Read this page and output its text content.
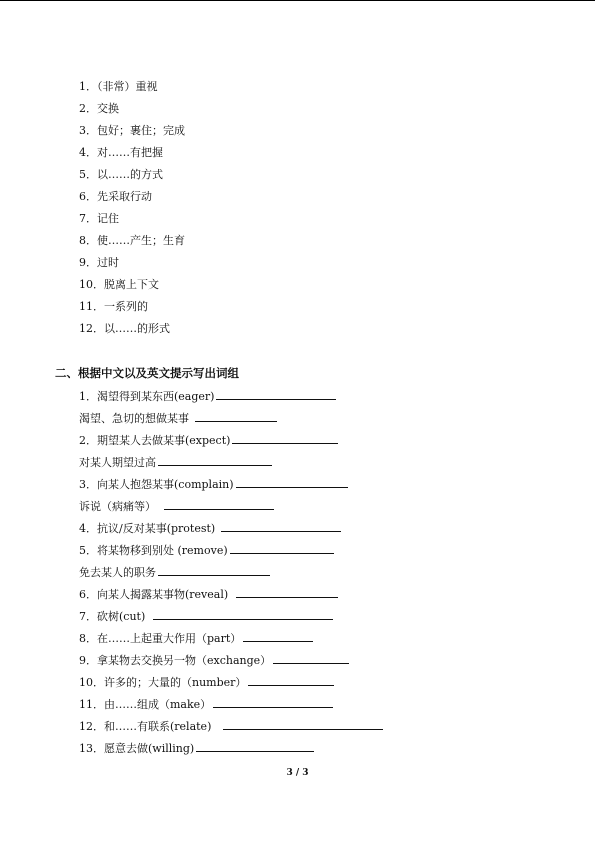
1．（非常）重视
2．交换
3．包好；裹住；完成
4．对……有把握
5．以……的方式
6．先采取行动
7．记住
8．使……产生；生育
9．过时
10．脱离上下文
11．一系列的
12．以……的形式
二、根据中文以及英文提示写出词组
1．渴望得到某东西(eager)
渴望、急切的想做某事
2．期望某人去做某事(expect)
对某人期望过高
3．向某人抱怨某事(complain)
诉说（病痛等）
4．抗议/反对某事(protest)
5．将某物移到别处 (remove)
免去某人的职务
6．向某人揭露某事物(reveal)
7．砍树(cut)
8．在……上起重大作用（part）
9．拿某物去交换另一物（exchange）
10．许多的；大量的（number）
11．由……组成（make）
12．和……有联系(relate)
13．愿意去做(willing)
3 / 3
